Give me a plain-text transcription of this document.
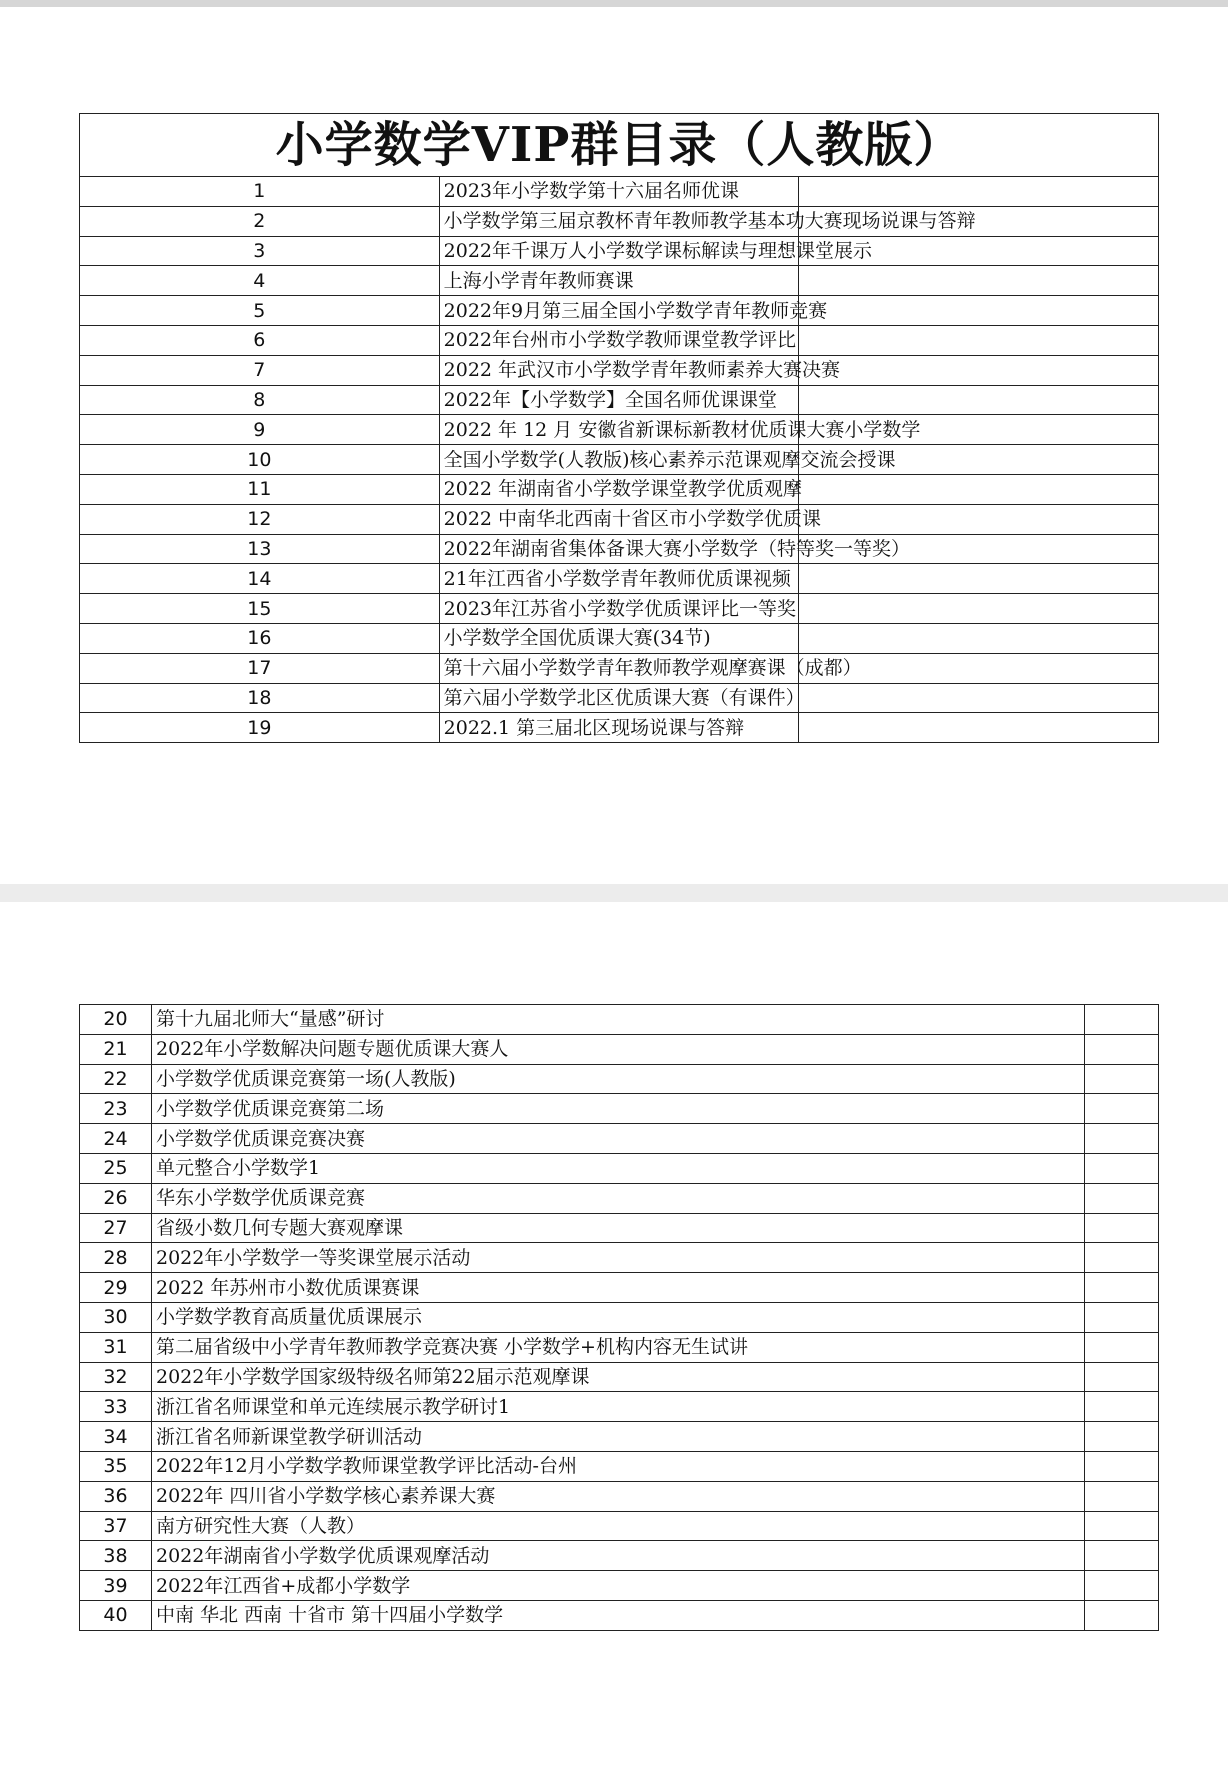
小学数学VIP群目录（人教版）		
1	2023年小学数学第十六届名师优课	
2	小学数学第三届京教杯青年教师教学基本功大赛现场说课与答辩	
3	2022年千课万人小学数学课标解读与理想课堂展示	
4	上海小学青年教师赛课	
5	2022年9月第三届全国小学数学青年教师竞赛	
6	2022年台州市小学数学教师课堂教学评比	
7	2022 年武汉市小学数学青年教师素养大赛决赛	
8	2022年【小学数学】全国名师优课课堂	
9	2022 年 12 月 安徽省新课标新教材优质课大赛小学数学	
10	全国小学数学(人教版)核心素养示范课观摩交流会授课	
11	2022 年湖南省小学数学课堂教学优质观摩	
12	2022 中南华北西南十省区市小学数学优质课	
13	2022年湖南省集体备课大赛小学数学（特等奖一等奖）	
14	21年江西省小学数学青年教师优质课视频	
15	2023年江苏省小学数学优质课评比一等奖	
16	小学数学全国优质课大赛(34节)	
17	第十六届小学数学青年教师教学观摩赛课（成都）	
18	第六届小学数学北区优质课大赛（有课件）	
19	2022.1 第三届北区现场说课与答辩	
20	第十九届北师大“量感”研讨	
21	2022年小学数解决问题专题优质课大赛人	
22	小学数学优质课竞赛第一场(人教版)	
23	小学数学优质课竞赛第二场	
24	小学数学优质课竞赛决赛	
25	单元整合小学数学1	
26	华东小学数学优质课竞赛	
27	省级小数几何专题大赛观摩课	
28	2022年小学数学一等奖课堂展示活动	
29	2022 年苏州市小数优质课赛课	
30	小学数学教育高质量优质课展示	
31	第二届省级中小学青年教师教学竞赛决赛 小学数学+机构内容无生试讲	
32	2022年小学数学国家级特级名师第22届示范观摩课	
33	浙江省名师课堂和单元连续展示教学研讨1	
34	浙江省名师新课堂教学研训活动	
35	2022年12月小学数学教师课堂教学评比活动-台州	
36	2022年 四川省小学数学核心素养课大赛	
37	南方研究性大赛（人教）	
38	2022年湖南省小学数学优质课观摩活动	
39	2022年江西省+成都小学数学	
40	中南 华北 西南 十省市 第十四届小学数学	
